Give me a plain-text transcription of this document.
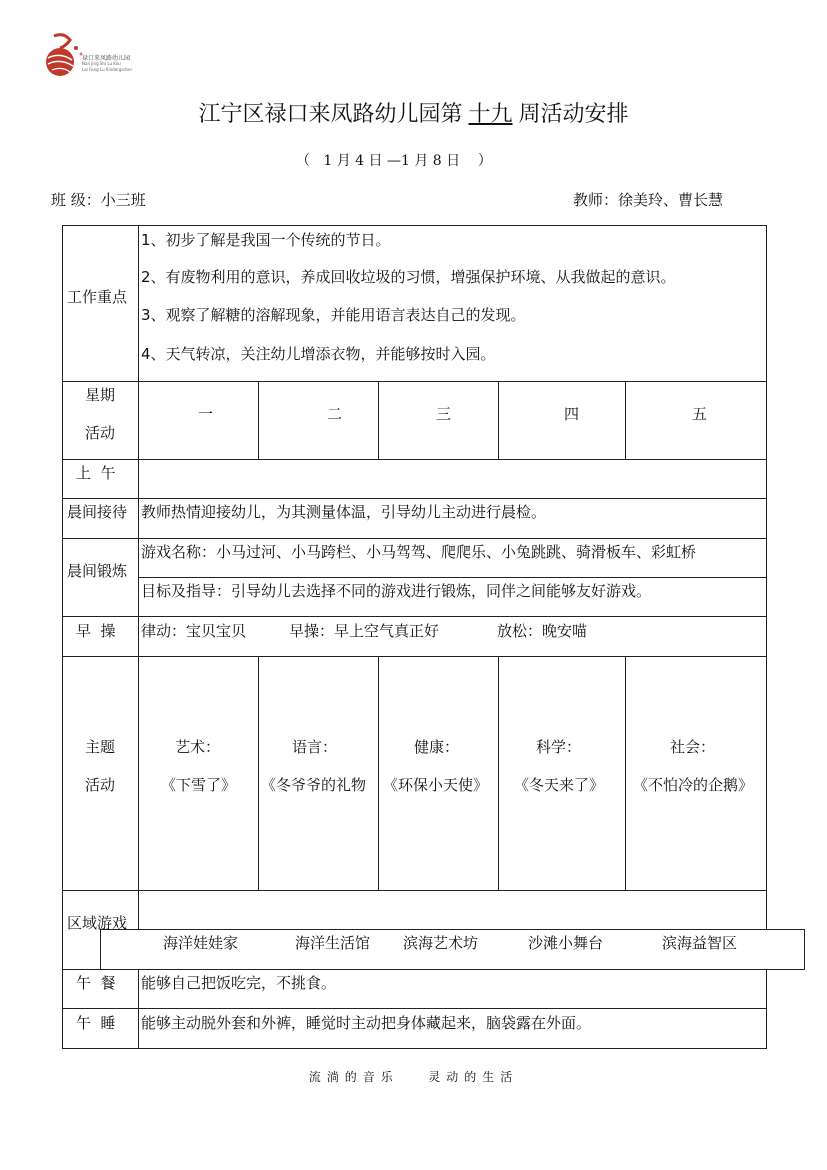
禄口来凤路幼儿园
Nan Jing Shi Lu Kou
Lai Feng Lu Kindergarten
江宁区禄口来凤路幼儿园第 十九 周活动安排
（   1 月 4 日 —1 月 8 日    ）
班 级：小三班	教师：徐美玲、曹长慧
工作重点
1、初步了解是我国一个传统的节日。
2、有废物利用的意识，养成回收垃圾的习惯，增强保护环境、从我做起的意识。
3、观察了解糖的溶解现象，并能用语言表达自己的发现。
4、天气转凉，关注幼儿增添衣物，并能够按时入园。
星期
活动
一	二	三	四	五
上  午
晨间接待 教师热情迎接幼儿，为其测量体温，引导幼儿主动进行晨检。
晨间锻炼
游戏名称：小马过河、小马跨栏、小马驾驾、爬爬乐、小兔跳跳、骑滑板车、彩虹桥
目标及指导：引导幼儿去选择不同的游戏进行锻炼，同伴之间能够友好游戏。
早  操 律动：宝贝宝贝	早操：早上空气真正好	放松：晚安喵
主题
活动
艺术：
《下雪了》
语言：
《冬爷爷的礼物
健康：
《环保小天使》
科学：
《冬天来了》
社会：
《不怕冷的企鹅》
区域游戏
海洋娃娃家	海洋生活馆 滨海艺术坊	沙滩小舞台	滨海益智区
午  餐 能够自己把饭吃完，不挑食。
午  睡 能够主动脱外套和外裤，睡觉时主动把身体藏起来，脑袋露在外面。
流淌的音乐   灵动的生活
